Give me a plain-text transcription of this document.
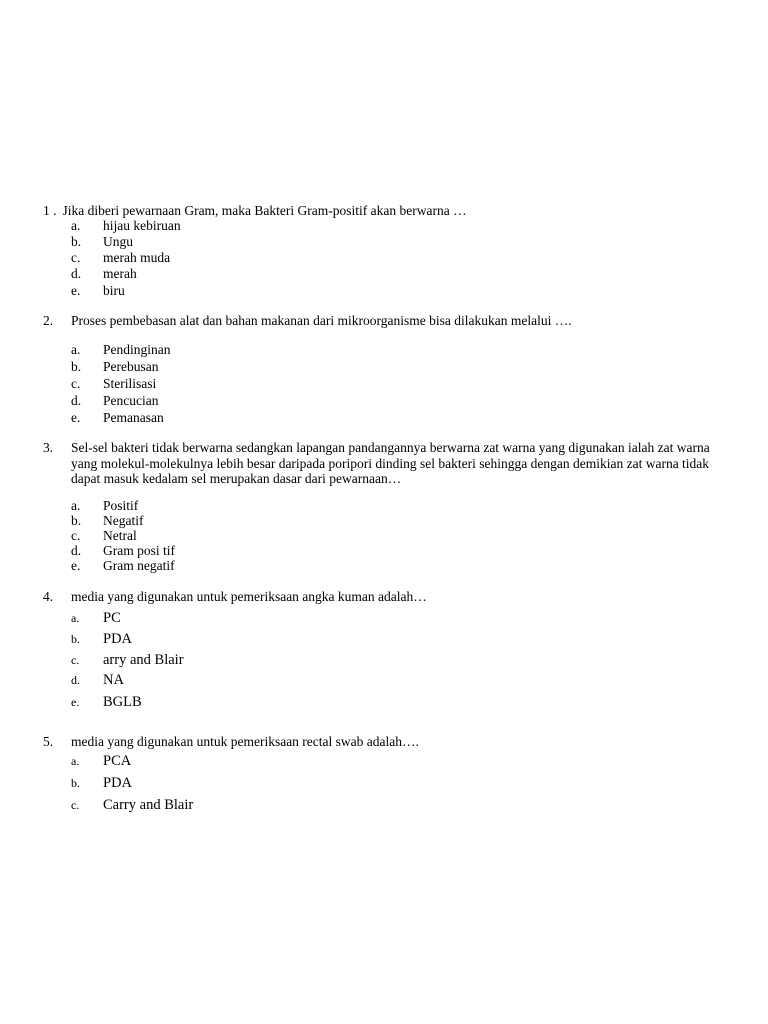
1 . Jika diberi pewarnaan Gram, maka Bakteri Gram-positif akan berwarna …
a. hijau kebiruan
b. Ungu
c. merah muda
d. merah
e. biru
2.	Proses pembebasan alat dan bahan makanan dari mikroorganisme bisa dilakukan melalui ….
a. Pendinginan
b. Perebusan
c. Sterilisasi
d. Pencucian
e. Pemanasan
3.	Sel-sel bakteri tidak berwarna sedangkan lapangan pandangannya berwarna zat warna yang digunakan ialah zat warna yang molekul-molekulnya lebih besar daripada poripori dinding sel bakteri sehingga dengan demikian zat warna tidak dapat masuk kedalam sel merupakan dasar dari pewarnaan…
a. Positif
b. Negatif
c. Netral
d. Gram posi tif
e. Gram negatif
4.	media yang digunakan untuk pemeriksaan angka kuman adalah…
a. PC
b. PDA
c. arry and Blair
d. NA
e. BGLB
5.	media yang digunakan untuk pemeriksaan rectal swab adalah….
a. PCA
b. PDA
c. Carry and Blair
